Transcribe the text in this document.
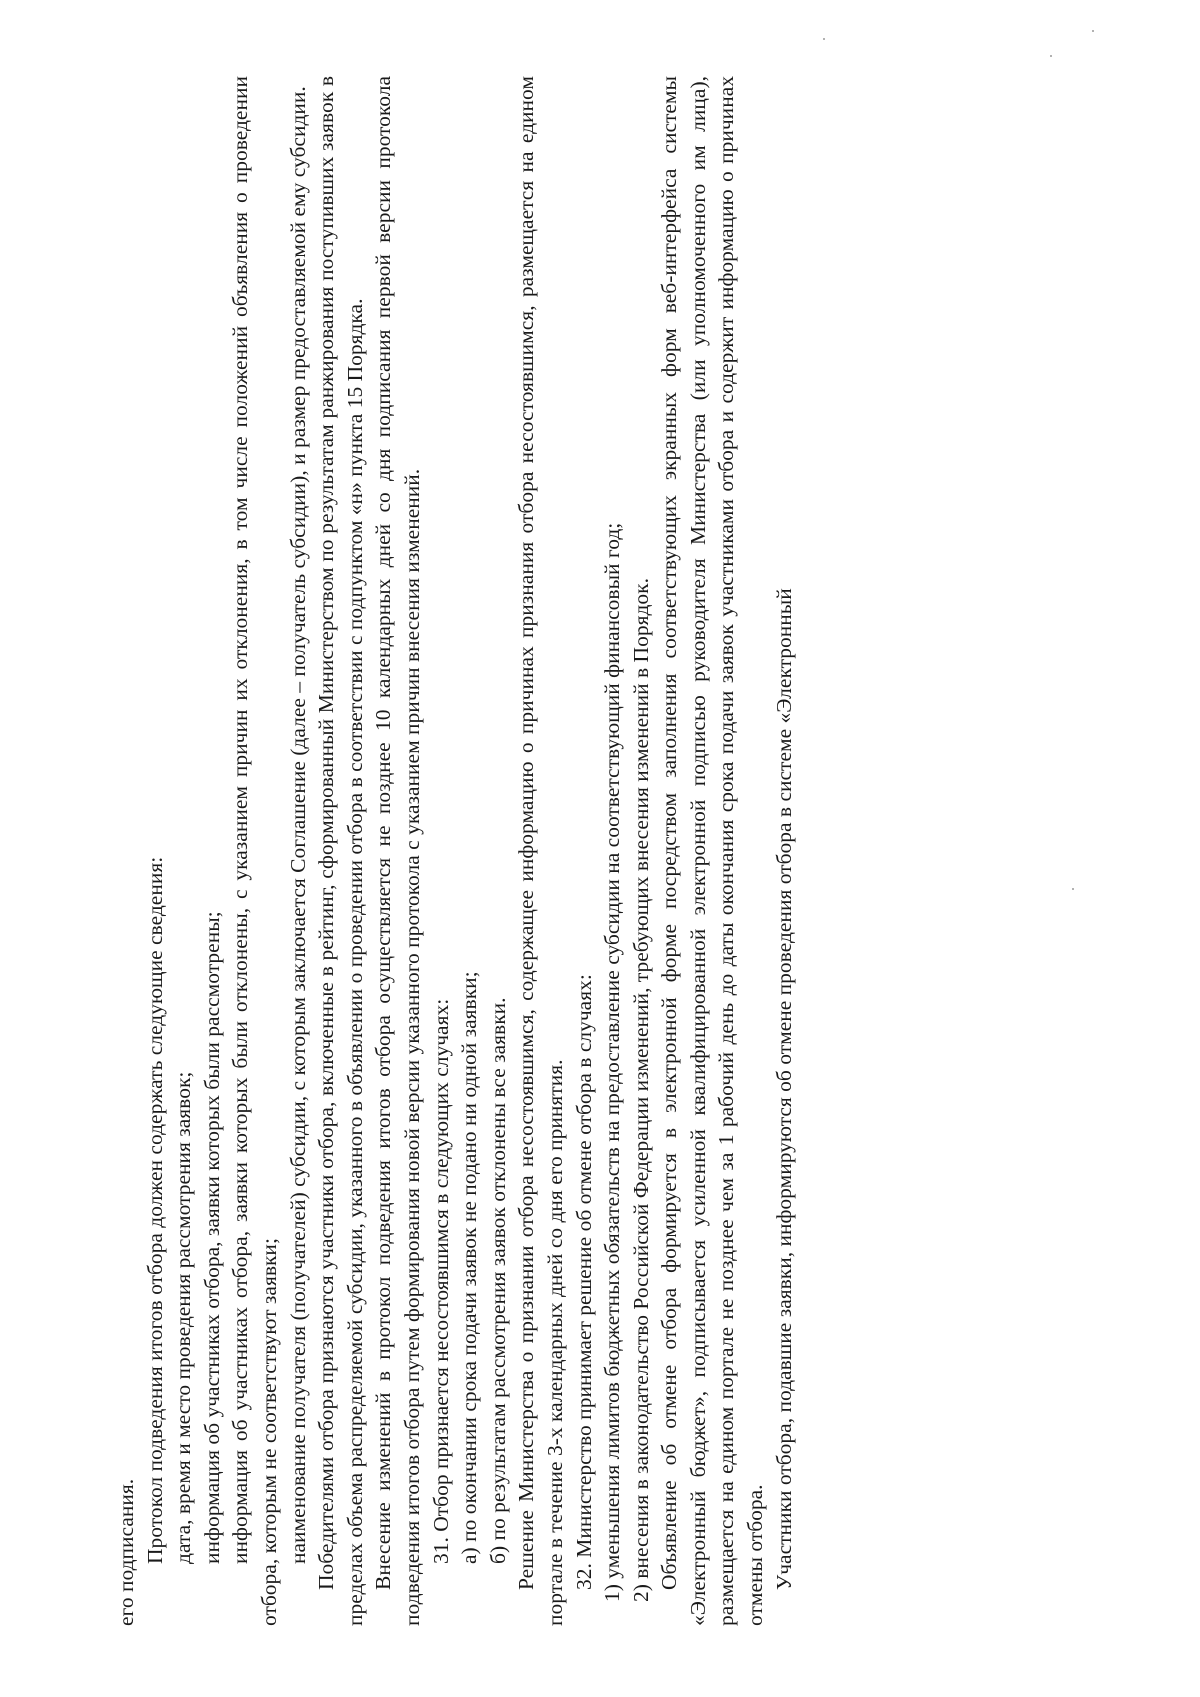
его подписания. Протокол подведения итогов отбора должен содержать следующие сведения: дата, время и место проведения рассмотрения заявок; информация об участниках отбора, заявки которых были рассмотрены; информация об участниках отбора, заявки которых были отклонены, с указанием причин их отклонения, в том числе положений объявления о проведении отбора, которым не соответствуют заявки; наименование получателя (получателей) субсидии, с которым заключается Соглашение (далее – получатель субсидии), и размер предоставляемой ему субсидии. Победителями отбора признаются участники отбора, включенные в рейтинг, сформированный Министерством по результатам ранжирования поступивших заявок в пределах объема распределяемой субсидии, указанного в объявлении о проведении отбора в соответствии с подпунктом «н» пункта 15 Порядка. Внесение изменений в протокол подведения итогов отбора осуществляется не позднее 10 календарных дней со дня подписания первой версии протокола подведения итогов отбора путем формирования новой версии указанного протокола с указанием причин внесения изменений. 31. Отбор признается несостоявшимся в следующих случаях: а) по окончании срока подачи заявок не подано ни одной заявки; б) по результатам рассмотрения заявок отклонены все заявки. Решение Министерства о признании отбора несостоявшимся, содержащее информацию о причинах признания отбора несостоявшимся, размещается на едином портале в течение 3-х календарных дней со дня его принятия. 32. Министерство принимает решение об отмене отбора в случаях: 1) уменьшения лимитов бюджетных обязательств на предоставление субсидии на соответствующий финансовый год; 2) внесения в законодательство Российской Федерации изменений, требующих внесения изменений в Порядок. Объявление об отмене отбора формируется в электронной форме посредством заполнения соответствующих экранных форм веб-интерфейса системы «Электронный бюджет», подписывается усиленной квалифицированной электронной подписью руководителя Министерства (или уполномоченного им лица), размещается на едином портале не позднее чем за 1 рабочий день до даты окончания срока подачи заявок участниками отбора и содержит информацию о причинах отмены отбора. Участники отбора, подавшие заявки, информируются об отмене проведения отбора в системе «Электронный
